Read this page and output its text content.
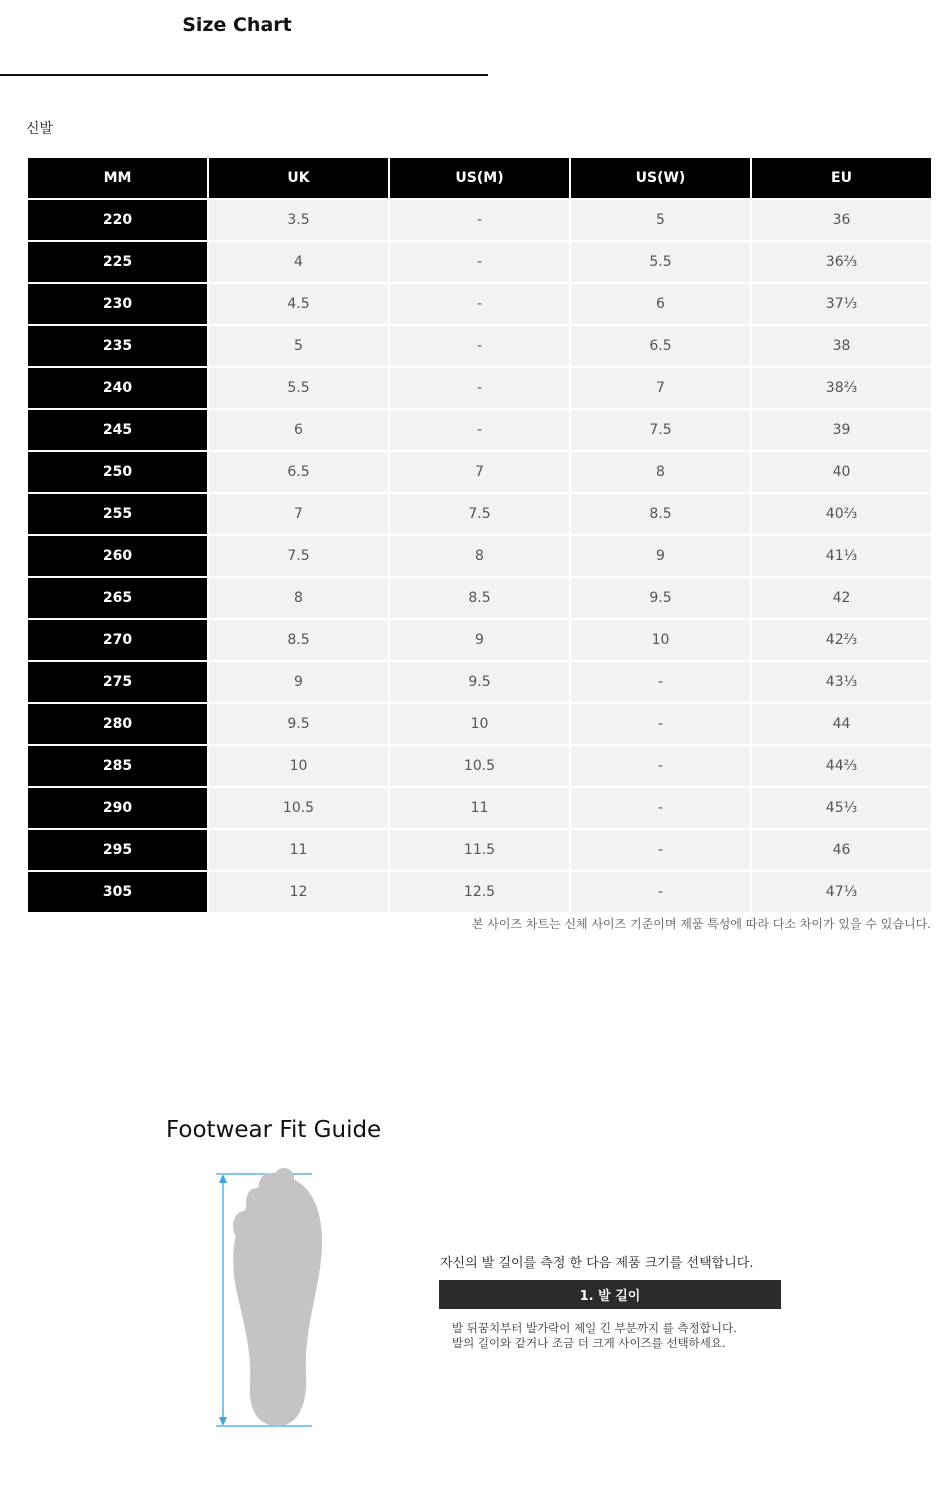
Size Chart
신발
MM	UK	US(M)	US(W)	EU
220	3.5	-	5	36
225	4	-	5.5	36⅔
230	4.5	-	6	37⅓
235	5	-	6.5	38
240	5.5	-	7	38⅔
245	6	-	7.5	39
250	6.5	7	8	40
255	7	7.5	8.5	40⅔
260	7.5	8	9	41⅓
265	8	8.5	9.5	42
270	8.5	9	10	42⅔
275	9	9.5	-	43⅓
280	9.5	10	-	44
285	10	10.5	-	44⅔
290	10.5	11	-	45⅓
295	11	11.5	-	46
305	12	12.5	-	47⅓
본 사이즈 차트는 신체 사이즈 기준이며 제품 특성에 따라 다소 차이가 있을 수 있습니다.
Footwear Fit Guide
자신의 발 길이를 측정 한 다음 제품 크기를 선택합니다.
1. 발 길이
발 뒤꿈치부터 발가락이 제일 긴 부분까지 를 측정합니다.
발의 길이와 같거나 조금 더 크게 사이즈를 선택하세요.
